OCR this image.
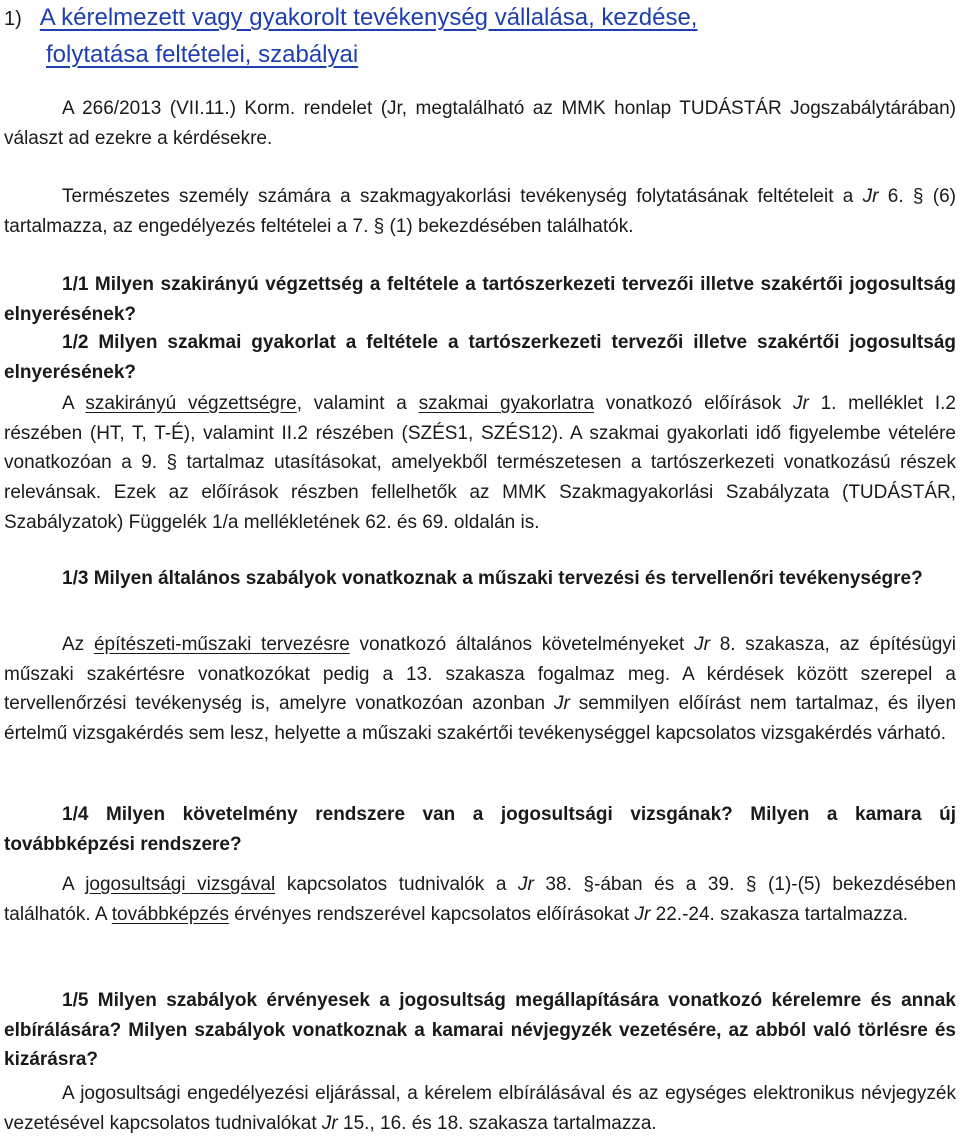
1) A kérelmezett vagy gyakorolt tevékenység vállalása, kezdése,
folytatása feltételei, szabályai

A 266/2013 (VII.11.) Korm. rendelet (Jr, megtalálható az MMK honlap TUDÁSTÁR Jogszabálytárában) választ ad ezekre a kérdésekre.

Természetes személy számára a szakmagyakorlási tevékenység folytatásának feltételeit a Jr 6. § (6) tartalmazza, az engedélyezés feltételei a 7. § (1) bekezdésében találhatók.

1/1 Milyen szakirányú végzettség a feltétele a tartószerkezeti tervezői illetve szakértői jogosultság elnyerésének?
1/2 Milyen szakmai gyakorlat a feltétele a tartószerkezeti tervezői illetve szakértői jogosultság elnyerésének?

A szakirányú végzettségre, valamint a szakmai gyakorlatra vonatkozó előírások Jr 1. melléklet I.2 részében (HT, T, T-É), valamint II.2 részében (SZÉS1, SZÉS12). A szakmai gyakorlati idő figyelembe vételére vonatkozóan a 9. § tartalmaz utasításokat, amelyekből természetesen a tartószerkezeti vonatkozású részek relevánsak. Ezek az előírások részben fellelhetők az MMK Szakmagyakorlási Szabályzata (TUDÁSTÁR, Szabályzatok) Függelék 1/a mellékletének 62. és 69. oldalán is.

1/3 Milyen általános szabályok vonatkoznak a műszaki tervezési és tervellenőri tevékenységre?

Az építészeti-műszaki tervezésre vonatkozó általános követelményeket Jr 8. szakasza, az építésügyi műszaki szakértésre vonatkozókat pedig a 13. szakasza fogalmaz meg. A kérdések között szerepel a tervellenőrzési tevékenység is, amelyre vonatkozóan azonban Jr semmilyen előírást nem tartalmaz, és ilyen értelmű vizsgakérdés sem lesz, helyette a műszaki szakértői tevékenységgel kapcsolatos vizsgakérdés várható.

1/4 Milyen követelmény rendszere van a jogosultsági vizsgának? Milyen a kamara új továbbképzési rendszere?

A jogosultsági vizsgával kapcsolatos tudnivalók a Jr 38. §-ában és a 39. § (1)-(5) bekezdésében találhatók. A továbbképzés érvényes rendszerével kapcsolatos előírásokat Jr 22.-24. szakasza tartalmazza.

1/5 Milyen szabályok érvényesek a jogosultság megállapítására vonatkozó kérelemre és annak elbírálására? Milyen szabályok vonatkoznak a kamarai névjegyzék vezetésére, az abból való törlésre és kizárásra?

A jogosultsági engedélyezési eljárással, a kérelem elbírálásával és az egységes elektronikus névjegyzék vezetésével kapcsolatos tudnivalókat Jr 15., 16. és 18. szakasza tartalmazza.
